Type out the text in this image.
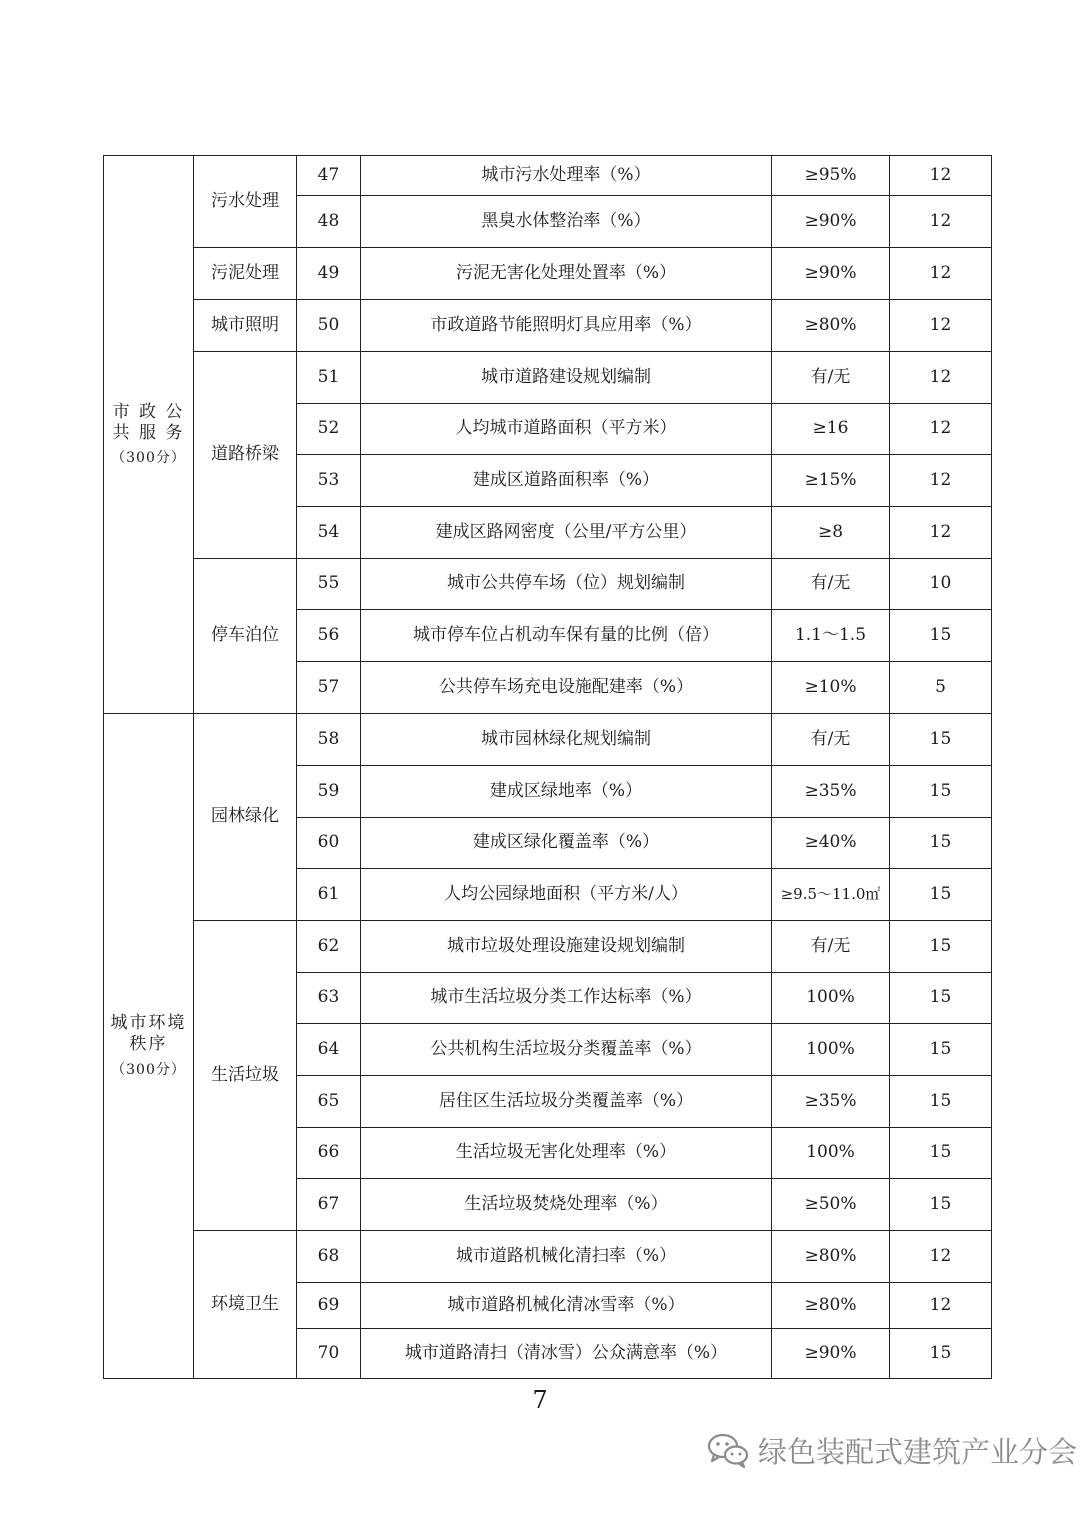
市 政 公 共 服 务
（300分）	污水处理	47	城市污水处理率（%）	≥95%	12
		48	黑臭水体整治率（%）	≥90%	12
	污泥处理	49	污泥无害化处理处置率（%）	≥90%	12
	城市照明	50	市政道路节能照明灯具应用率（%）	≥80%	12
	道路桥梁	51	城市道路建设规划编制	有/无	12
		52	人均城市道路面积（平方米）	≥16	12
		53	建成区道路面积率（%）	≥15%	12
		54	建成区路网密度（公里/平方公里）	≥8	12
	停车泊位	55	城市公共停车场（位）规划编制	有/无	10
		56	城市停车位占机动车保有量的比例（倍）	1.1～1.5	15
		57	公共停车场充电设施配建率（%）	≥10%	5
城市环境秩序
（300分）	园林绿化	58	城市园林绿化规划编制	有/无	15
		59	建成区绿地率（%）	≥35%	15
		60	建成区绿化覆盖率（%）	≥40%	15
		61	人均公园绿地面积（平方米/人）	≥9.5～11.0㎡	15
	生活垃圾	62	城市垃圾处理设施建设规划编制	有/无	15
		63	城市生活垃圾分类工作达标率（%）	100%	15
		64	公共机构生活垃圾分类覆盖率（%）	100%	15
		65	居住区生活垃圾分类覆盖率（%）	≥35%	15
		66	生活垃圾无害化处理率（%）	100%	15
		67	生活垃圾焚烧处理率（%）	≥50%	15
	环境卫生	68	城市道路机械化清扫率（%）	≥80%	12
		69	城市道路机械化清冰雪率（%）	≥80%	12
		70	城市道路清扫（清冰雪）公众满意率（%）	≥90%	15
7
绿色装配式建筑产业分会
